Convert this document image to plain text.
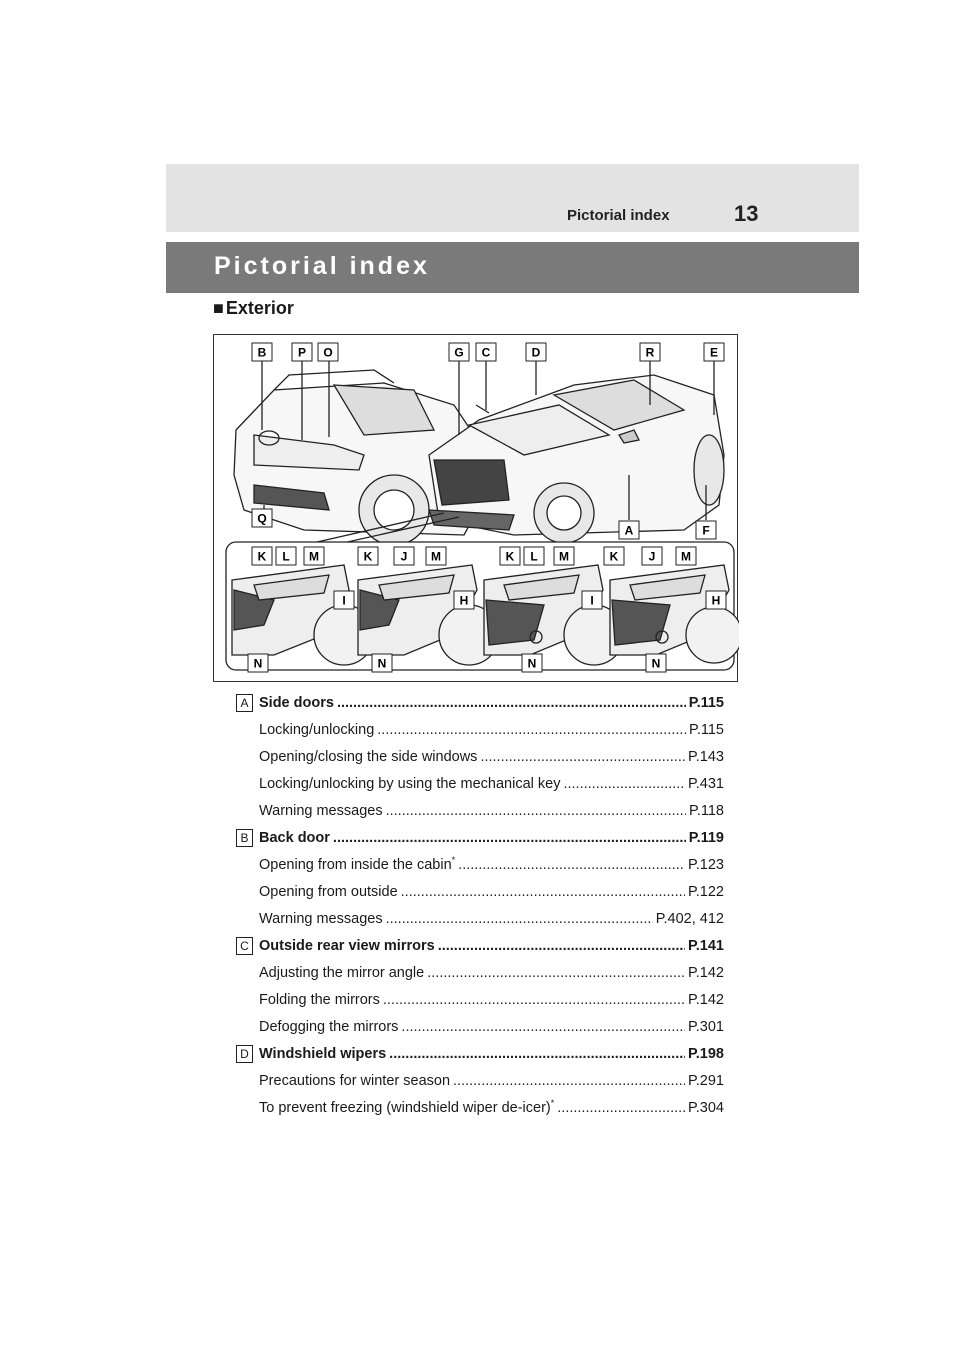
Pictorial index	13
Pictorial index
■ Exterior
B	P O	G C	D	R	E
Q
A	F
K L M	K J M	K L M	K	J M
I	H	I	H
N	N	N	N
A Side doors .....	P.115
Locking/unlocking .....	P.115
Opening/closing the side windows .....	P.143
Locking/unlocking by using the mechanical key .....	P.431
Warning messages .....	P.118
B Back door .....	P.119
Opening from inside the cabin* .....	P.123
Opening from outside .....	P.122
Warning messages .....	P.402, 412
C Outside rear view mirrors .....	P.141
Adjusting the mirror angle .....	P.142
Folding the mirrors .....	P.142
Defogging the mirrors .....	P.301
D Windshield wipers .....	P.198
Precautions for winter season .....	P.291
To prevent freezing (windshield wiper de-icer)* .....	P.304
